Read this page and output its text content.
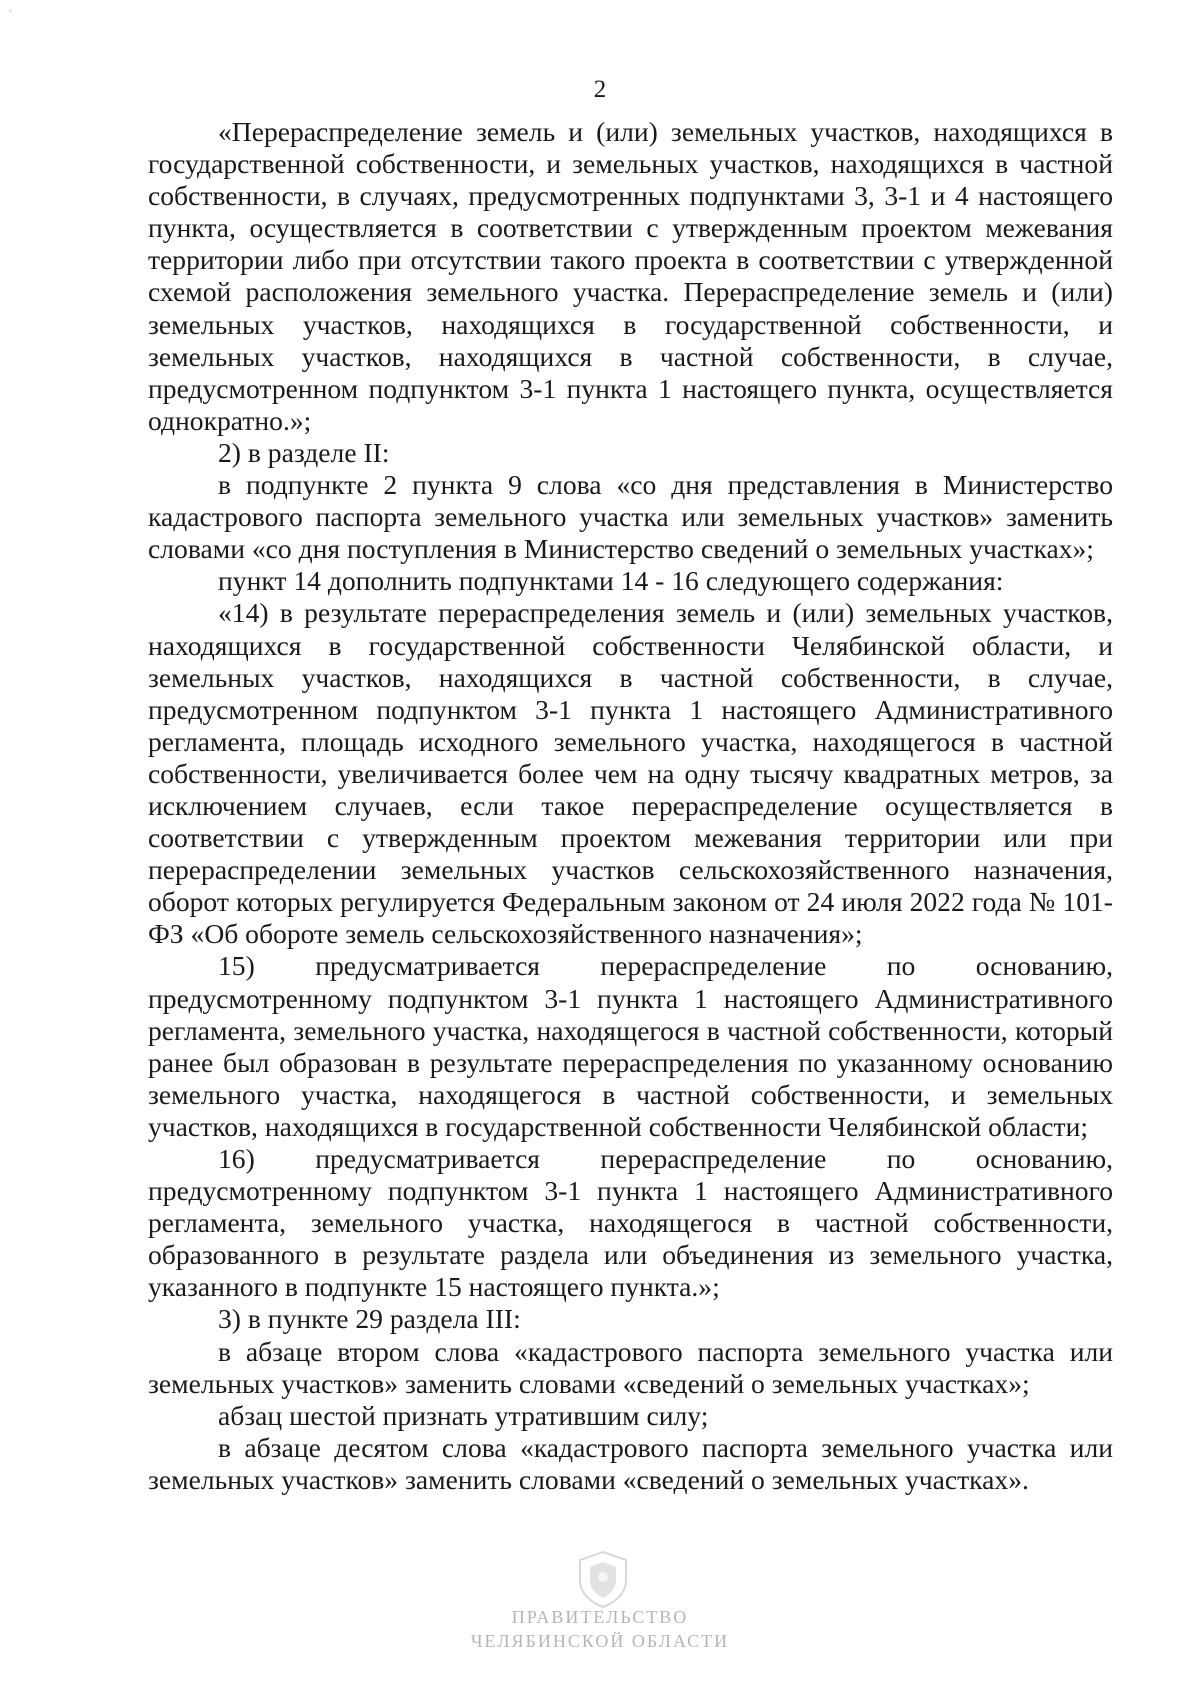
∘
2

«Перераспределение земель и (или) земельных участков, находящихся в государственной собственности, и земельных участков, находящихся в частной собственности, в случаях, предусмотренных подпунктами 3, 3-1 и 4 настоящего пункта, осуществляется в соответствии с утвержденным проектом межевания территории либо при отсутствии такого проекта в соответствии с утвержденной схемой расположения земельного участка. Перераспределение земель и (или) земельных участков, находящихся в государственной собственности, и земельных участков, находящихся в частной собственности, в случае, предусмотренном подпунктом 3-1 пункта 1 настоящего пункта, осуществляется однократно.»;

2) в разделе II:

в подпункте 2 пункта 9 слова «со дня представления в Министерство кадастрового паспорта земельного участка или земельных участков» заменить словами «со дня поступления в Министерство сведений о земельных участках»;

пункт 14 дополнить подпунктами 14 - 16 следующего содержания:

«14) в результате перераспределения земель и (или) земельных участков, находящихся в государственной собственности Челябинской области, и земельных участков, находящихся в частной собственности, в случае, предусмотренном подпунктом 3-1 пункта 1 настоящего Административного регламента, площадь исходного земельного участка, находящегося в частной собственности, увеличивается более чем на одну тысячу квадратных метров, за исключением случаев, если такое перераспределение осуществляется в соответствии с утвержденным проектом межевания территории или при перераспределении земельных участков сельскохозяйственного назначения, оборот которых регулируется Федеральным законом от 24 июля 2022 года № 101-ФЗ «Об обороте земель сельскохозяйственного назначения»;

15) предусматривается перераспределение по основанию, предусмотренному подпунктом 3-1 пункта 1 настоящего Административного регламента, земельного участка, находящегося в частной собственности, который ранее был образован в результате перераспределения по указанному основанию земельного участка, находящегося в частной собственности, и земельных участков, находящихся в государственной собственности Челябинской области;

16) предусматривается перераспределение по основанию, предусмотренному подпунктом 3-1 пункта 1 настоящего Административного регламента, земельного участка, находящегося в частной собственности, образованного в результате раздела или объединения из земельного участка, указанного в подпункте 15 настоящего пункта.»;

3) в пункте 29 раздела III:

в абзаце втором слова «кадастрового паспорта земельного участка или земельных участков» заменить словами «сведений о земельных участках»;

абзац шестой признать утратившим силу;

в абзаце десятом слова «кадастрового паспорта земельного участка или земельных участков» заменить словами «сведений о земельных участках».

ПРАВИТЕЛЬСТВО
ЧЕЛЯБИНСКОЙ ОБЛАСТИ
